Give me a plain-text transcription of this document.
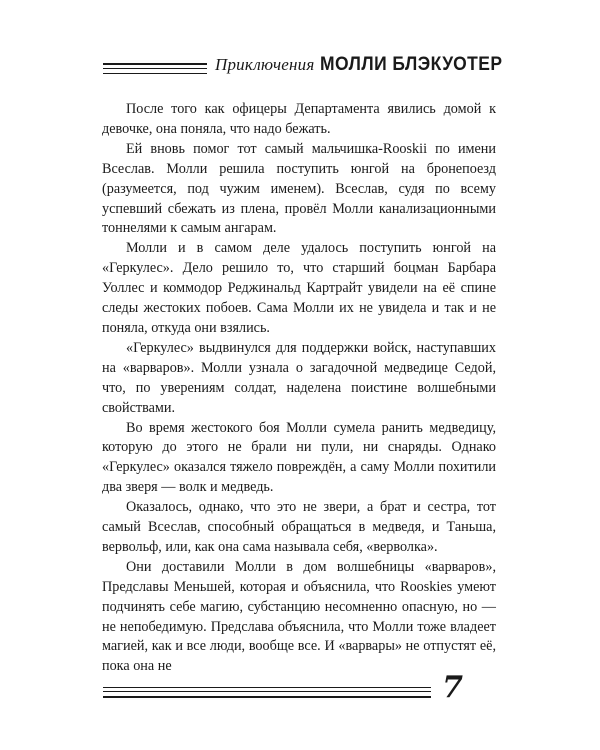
Приключения МОЛЛИ БЛЭКУОТЕР

После того как офицеры Департамента явились домой к девочке, она поняла, что надо бежать.

Ей вновь помог тот самый мальчишка-Rooskii по имени Всеслав. Молли решила поступить юнгой на бронепоезд (разумеется, под чужим именем). Всеслав, судя по всему успевший сбежать из плена, провёл Молли канализационными тоннелями к самым ангарам.

Молли и в самом деле удалось поступить юнгой на «Геркулес». Дело решило то, что старший боцман Барбара Уоллес и коммодор Реджинальд Картрайт увидели на её спине следы жестоких побоев. Сама Молли их не увидела и так и не поняла, откуда они взялись.

«Геркулес» выдвинулся для поддержки войск, наступавших на «варваров». Молли узнала о загадочной медведице Седой, что, по уверениям солдат, наделена поистине волшебными свойствами.

Во время жестокого боя Молли сумела ранить медведицу, которую до этого не брали ни пули, ни снаряды. Однако «Геркулес» оказался тяжело повреждён, а саму Молли похитили два зверя — волк и медведь.

Оказалось, однако, что это не звери, а брат и сестра, тот самый Всеслав, способный обращаться в медведя, и Таньша, вервольф, или, как она сама называла себя, «верволка».

Они доставили Молли в дом волшебницы «варваров», Предславы Меньшей, которая и объяснила, что Rooskies умеют подчинять себе магию, субстанцию несомненно опасную, но — не непобедимую. Предслава объяснила, что Молли тоже владеет магией, как и все люди, вообще все. И «варвары» не отпустят её, пока она не

7
